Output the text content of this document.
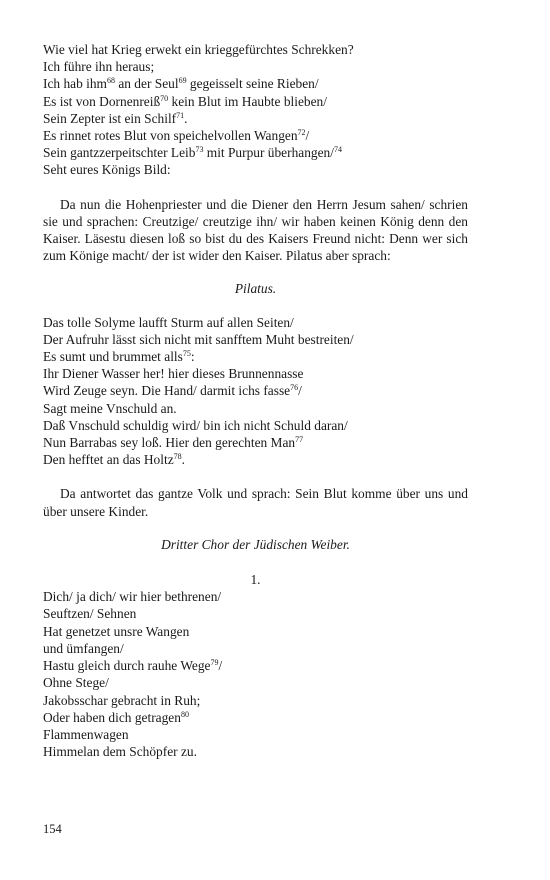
Wie viel hat Krieg erwekt ein krieggefürchtes Schrekken?
Ich führe ihn heraus;
Ich hab ihm$^{68}$ an der Seul$^{69}$ gegeisselt seine Rieben/
Es ist von Dornenreiß$^{70}$ kein Blut im Haubte blieben/
Sein Zepter ist ein Schilf$^{71}$.
Es rinnet rotes Blut von speichelvollen Wangen$^{72}$/
Sein gantzzerpeitschter Leib$^{73}$ mit Purpur überhangen/$^{74}$
Seht eures Königs Bild:

Da nun die Hohenpriester und die Diener den Herrn Jesum sahen/ schrien sie und sprachen: Creutzige/ creutzige ihn/ wir haben keinen König denn den Kaiser. Läsestu diesen loß so bist du des Kaisers Freund nicht: Denn wer sich zum Könige macht/ der ist wider den Kaiser. Pilatus aber sprach:

Pilatus.
Das tolle Solyme laufft Sturm auf allen Seiten/
Der Aufruhr lässt sich nicht mit sanfftem Muht bestreiten/
Es sumt und brummet alls$^{75}$:
Ihr Diener Wasser her! hier dieses Brunnennasse
Wird Zeuge seyn. Die Hand/ darmit ichs fasse$^{76}$/
Sagt meine Vnschuld an.
Daß Vnschuld schuldig wird/ bin ich nicht Schuld daran/
Nun Barrabas sey loß. Hier den gerechten Man$^{77}$
Den hefftet an das Holtz$^{78}$.

Da antwortet das gantze Volk und sprach: Sein Blut komme über uns und über unsere Kinder.

Dritter Chor der Jüdischen Weiber.
1.
Dich/ ja dich/ wir hier bethrenen/
Seuftzen/ Sehnen
Hat genetzet unsre Wangen
und ümfangen/
Hastu gleich durch rauhe Wege$^{79}$/
Ohne Stege/
Jakobsschar gebracht in Ruh;
Oder haben dich getragen$^{80}$
Flammenwagen
Himmelan dem Schöpfer zu.
154
